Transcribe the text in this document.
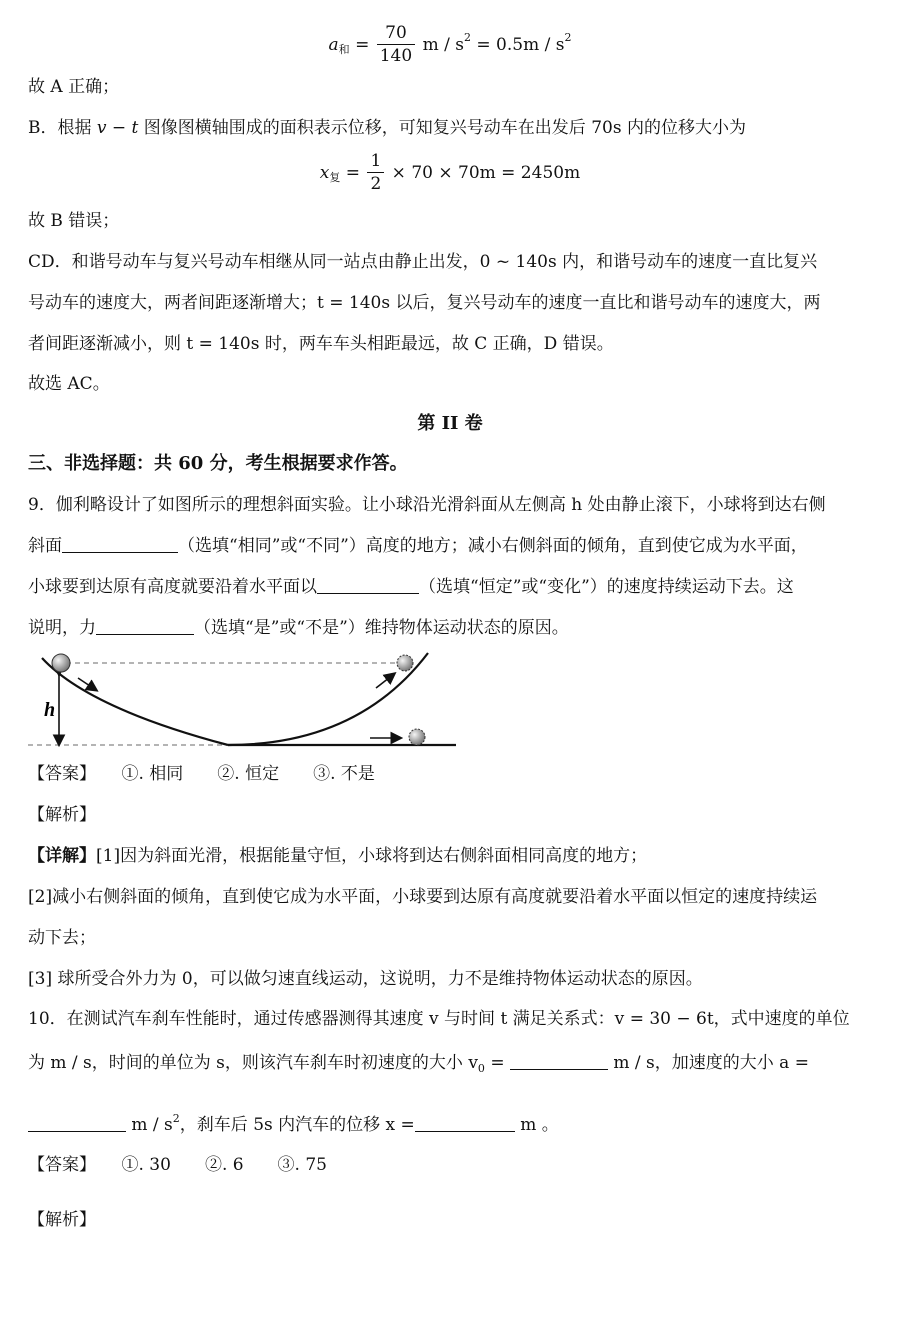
$a_和 = \frac{70}{140}$ $m / s^2 = 0.5m / s^2$
故 A 正确；
B．根据 v − t 图像图横轴围成的面积表示位移，可知复兴号动车在出发后 70s 内的位移大小为
$x_复 = \frac{1}{2} \times 70 \times 70m = 2450m$
故 B 错误；
CD．和谐号动车与复兴号动车相继从同一站点由静止出发，0 ~ 140s 内，和谐号动车的速度一直比复兴
号动车的速度大，两者间距逐渐增大；t = 140s 以后，复兴号动车的速度一直比和谐号动车的速度大，两
者间距逐渐减小，则 t = 140s 时，两车车头相距最远，故 C 正确，D 错误。
故选 AC。
第 II 卷
三、非选择题：共 60 分，考生根据要求作答。
9．伽利略设计了如图所示的理想斜面实验。让小球沿光滑斜面从左侧高 h 处由静止滚下，小球将到达右侧
斜面	（选填“相同”或“不同”）高度的地方；减小右侧斜面的倾角，直到使它成为水平面，
小球要到达原有高度就要沿着水平面以	（选填“恒定”或“变化”）的速度持续运动下去。这
说明，力	（选填“是”或“不是”）维持物体运动状态的原因。
h
【答案】　　①. 相同　　②. 恒定　　③. 不是
【解析】
【详解】[1]因为斜面光滑，根据能量守恒，小球将到达右侧斜面相同高度的地方；
[2]减小右侧斜面的倾角，直到使它成为水平面，小球要到达原有高度就要沿着水平面以恒定的速度持续运
动下去；
[3] 球所受合外力为 0，可以做匀速直线运动，这说明，力不是维持物体运动状态的原因。
10．在测试汽车刹车性能时，通过传感器测得其速度 v 与时间 t 满足关系式：v = 30 − 6t，式中速度的单位
为 m / s，时间的单位为 s，则该汽车刹车时初速度的大小 $v_0$ =	m / s，加速度的大小 a =
m / $s^2$，刹车后 5s 内汽车的位移 x =	m 。
【答案】　　①. 30　　②. 6　　③. 75
【解析】
